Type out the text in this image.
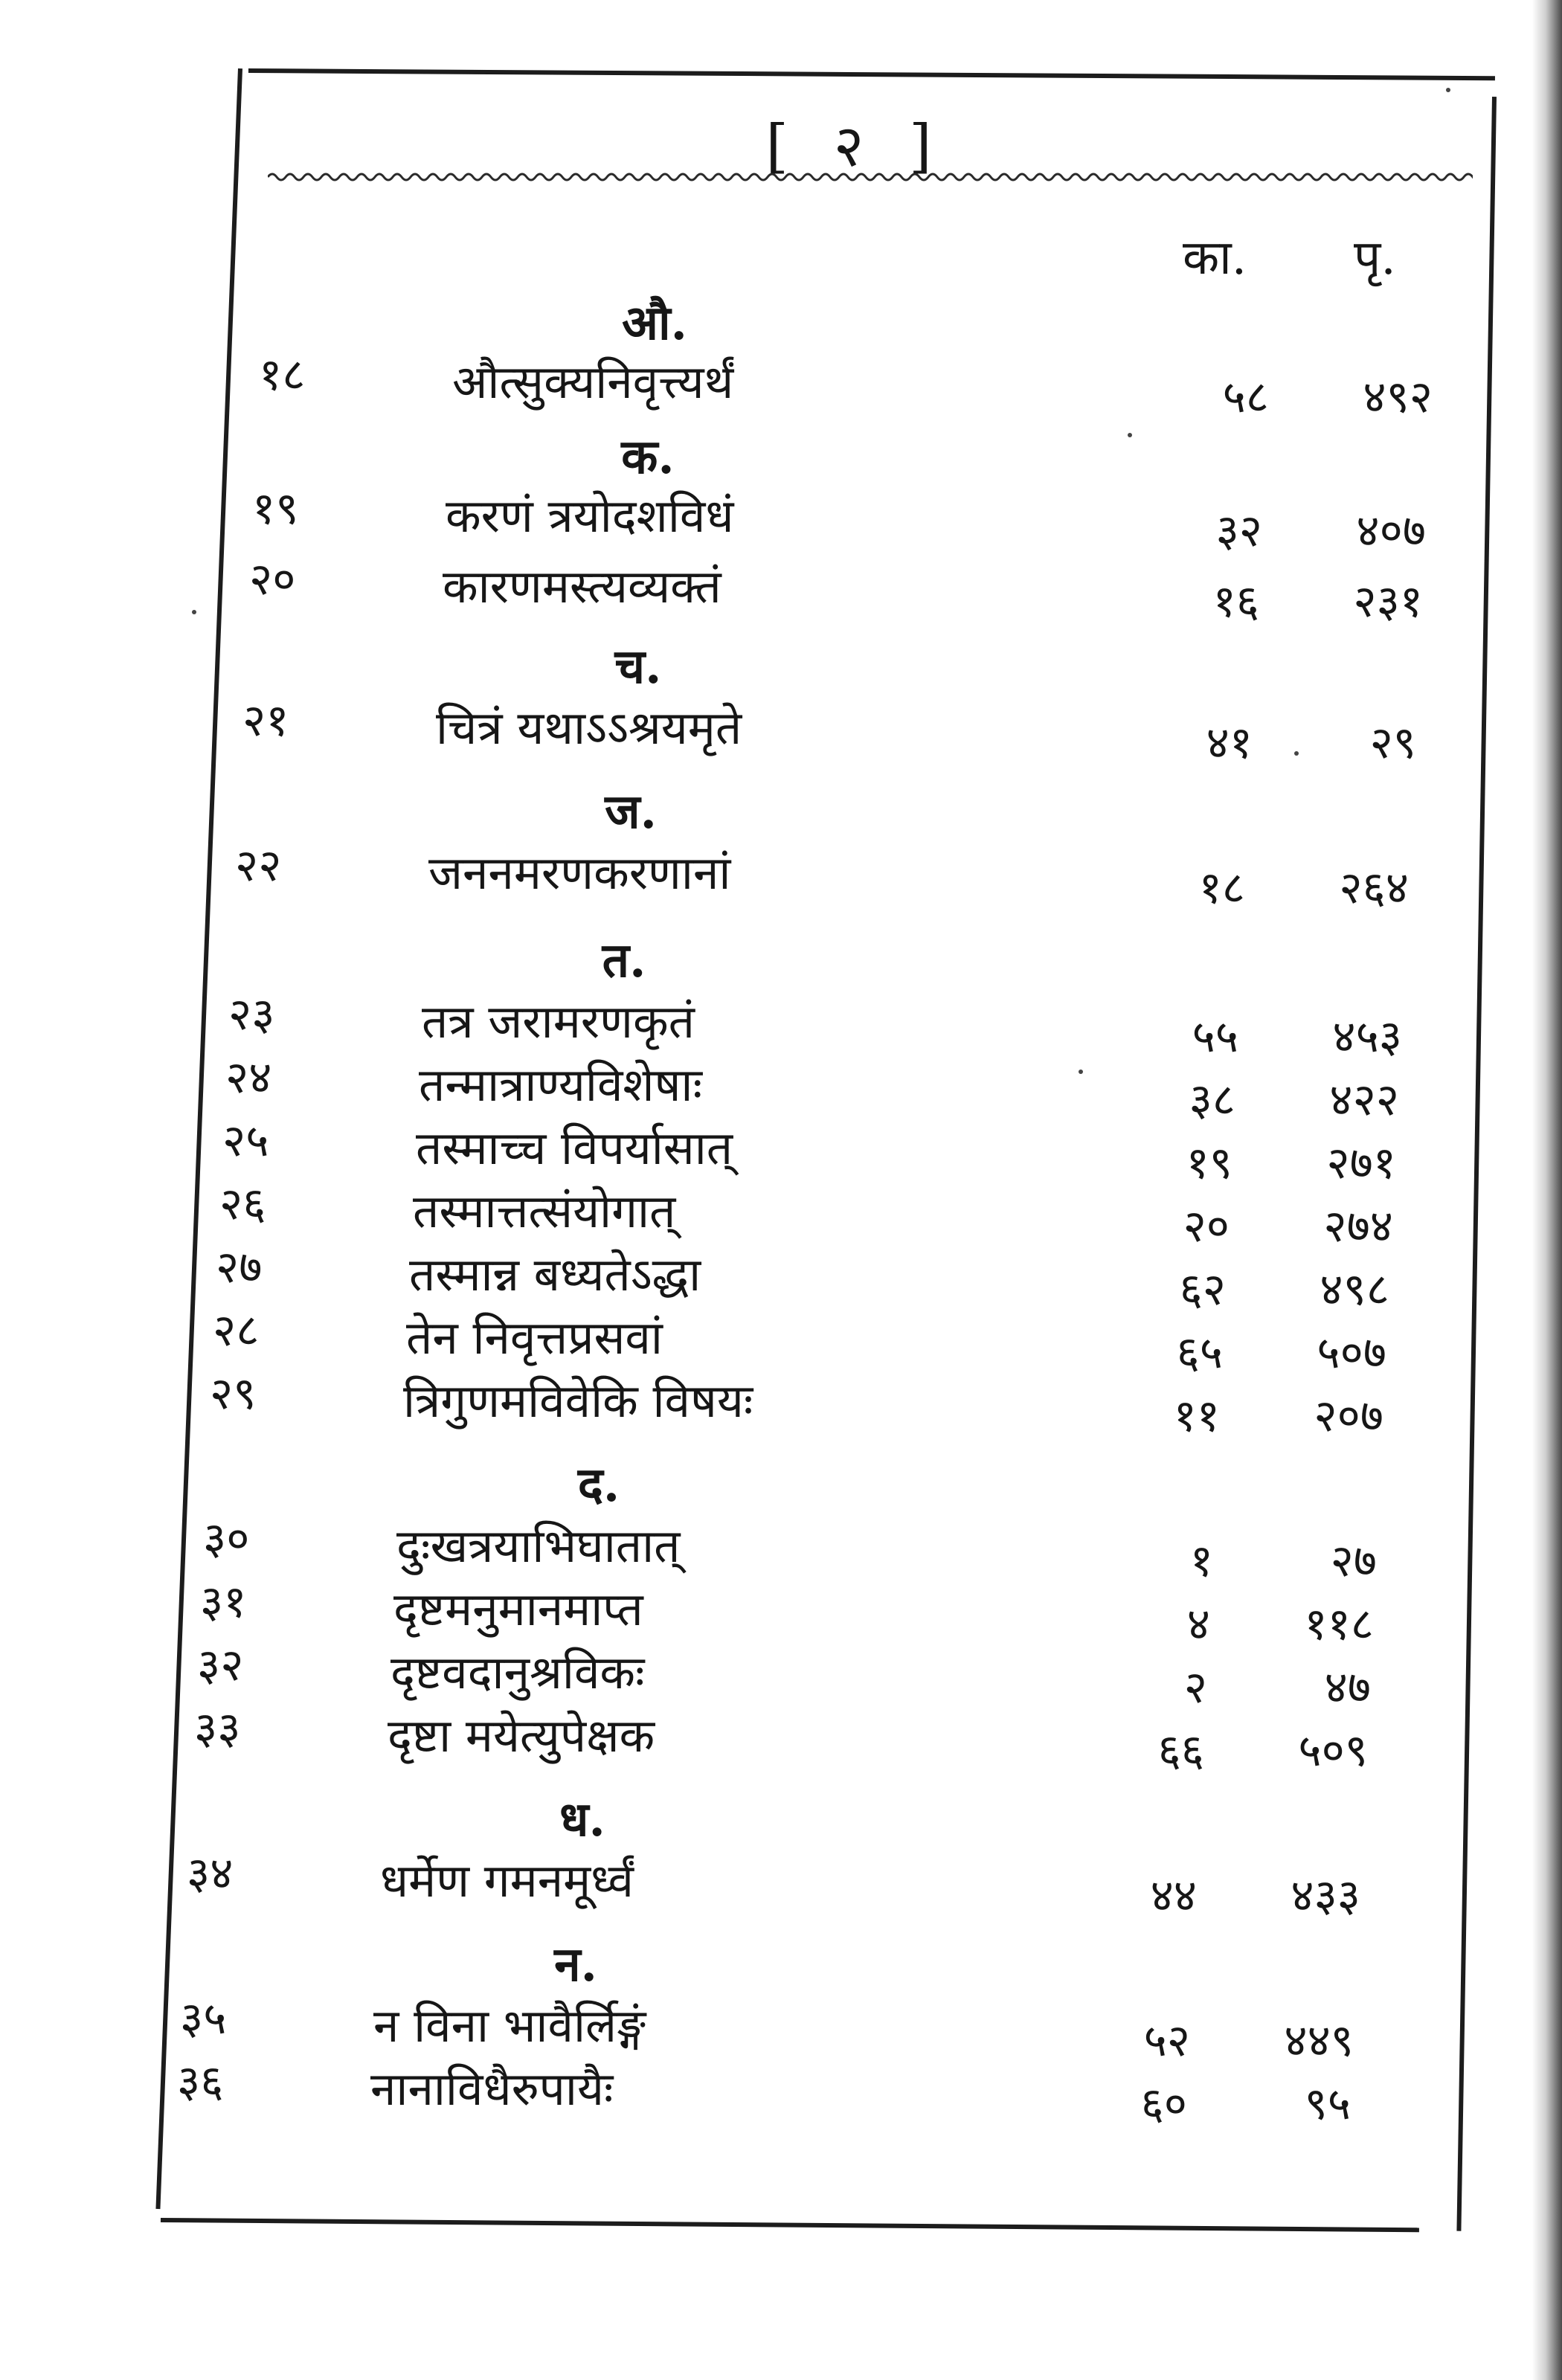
[ २ ]
का. पृ.
औ.
१८	औत्सुक्यनिवृत्त्यर्थं	५८	४९२
क.
१९	करणं त्रयोदशविधं	३२	४०७
२०	कारणमस्त्यव्यक्तं	१६	२३१
च.
२१	चित्रं यथाऽऽश्रयमृते	४१	२९
ज.
२२	जननमरणकरणानां	१८	२६४
त.
२३	तत्र जरामरणकृतं	५५	४५३
२४	तन्मात्राण्यविशेषाः	३८	४२२
२५	तस्माच्च विपर्यासात्	१९	२७१
२६	तस्मात्तत्संयोगात्	२०	२७४
२७	तस्मान्न बध्यतेऽद्धा	६२	४९८
२८	तेन निवृत्तप्रसवां	६५	५०७
२९	त्रिगुणमविवेकि विषयः	११	२०७
द.
३०	दुःखत्रयाभिघातात्	१	२७
३१	दृष्टमनुमानमाप्त	४	११८
३२	दृष्टवदानुश्रविकः	२	४७
३३	दृष्टा मयेत्युपेक्षक	६६	५०९
ध.
३४	धर्मेण गमनमूर्ध्वं	४४	४३३
न.
३५	न विना भावैर्लिङ्गं	५२	४४९
३६	नानाविधैरुपायैः	६०	९५
